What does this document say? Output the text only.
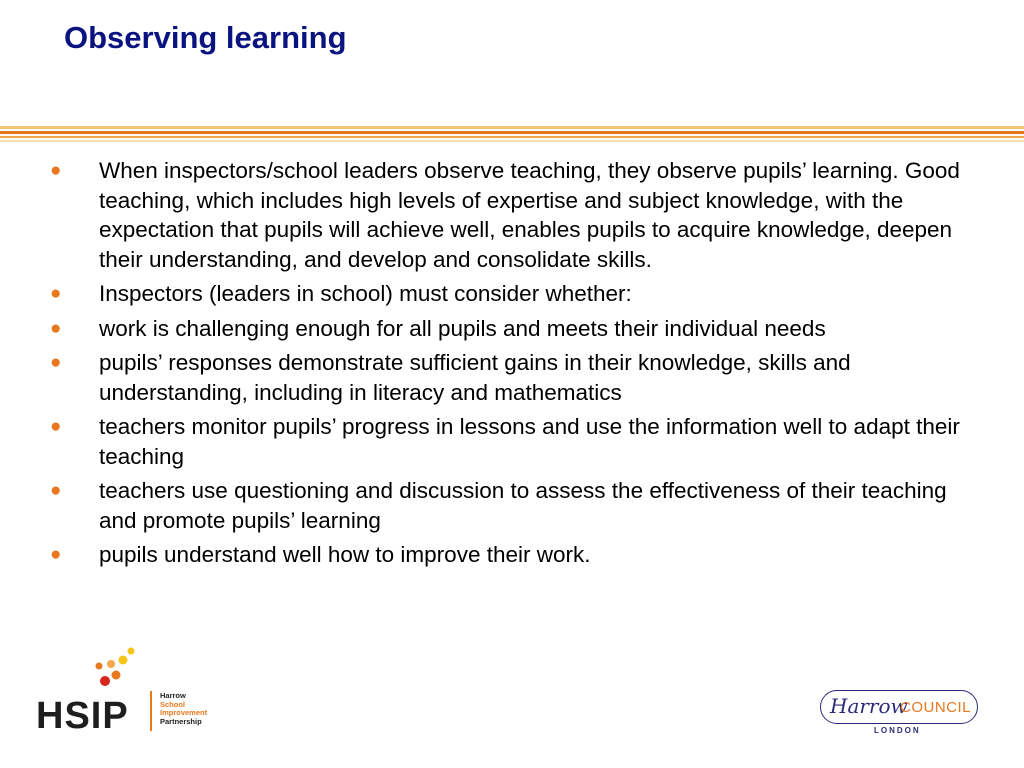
Observing learning
● When inspectors/school leaders observe teaching, they observe pupils’ learning. Good teaching, which includes high levels of expertise and subject knowledge, with the expectation that pupils will achieve well, enables pupils to acquire knowledge, deepen their understanding, and develop and consolidate skills.
● Inspectors (leaders in school) must consider whether:
● work is challenging enough for all pupils and meets their individual needs
● pupils’ responses demonstrate sufficient gains in their knowledge, skills and understanding, including in literacy and mathematics
● teachers monitor pupils’ progress in lessons and use the information well to adapt their teaching
● teachers use questioning and discussion to assess the effectiveness of their teaching and promote pupils’ learning
● pupils understand well how to improve their work.
HSIP	Harrow
School
Improvement
Partnership
Harrow
COUNCIL
LONDON
